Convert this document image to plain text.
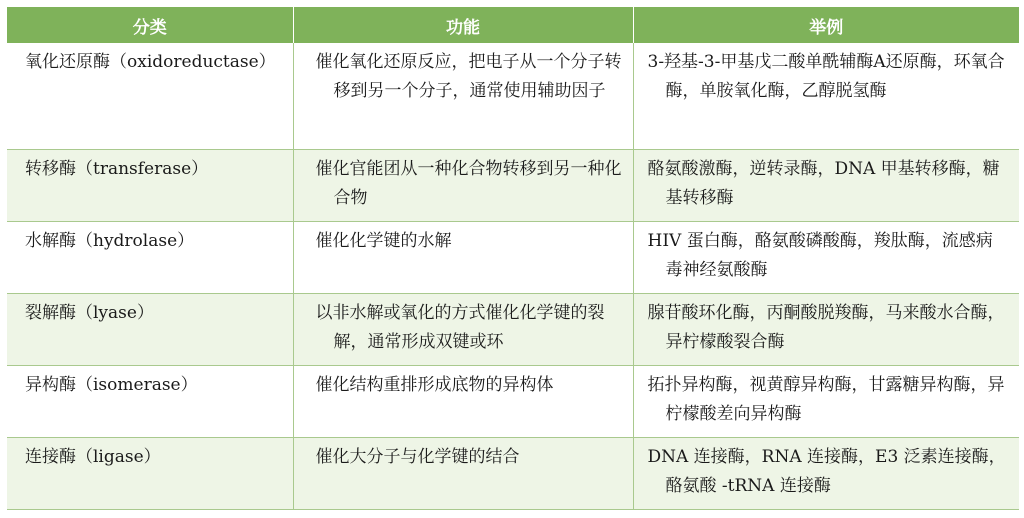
分类	功能	举例
氧化还原酶（oxidoreductase）	催化氧化还原反应，把电子从一个分子转移到另一个分子，通常使用辅助因子	3-羟基-3-甲基戊二酸单酰辅酶A还原酶，环氧合酶，单胺氧化酶，乙醇脱氢酶

转移酶（transferase）	催化官能团从一种化合物转移到另一种化合物	酪氨酸激酶，逆转录酶，DNA 甲基转移酶，糖基转移酶

水解酶（hydrolase）	催化化学键的水解	HIV 蛋白酶，酪氨酸磷酸酶，羧肽酶，流感病毒神经氨酸酶

裂解酶（lyase）	以非水解或氧化的方式催化化学键的裂解，通常形成双键或环	腺苷酸环化酶，丙酮酸脱羧酶，马来酸水合酶，异柠檬酸裂合酶

异构酶（isomerase）	催化结构重排形成底物的异构体	拓扑异构酶，视黄醇异构酶，甘露糖异构酶，异柠檬酸差向异构酶

连接酶（ligase）	催化大分子与化学键的结合	DNA 连接酶，RNA 连接酶，E3 泛素连接酶，酪氨酸 -tRNA 连接酶
